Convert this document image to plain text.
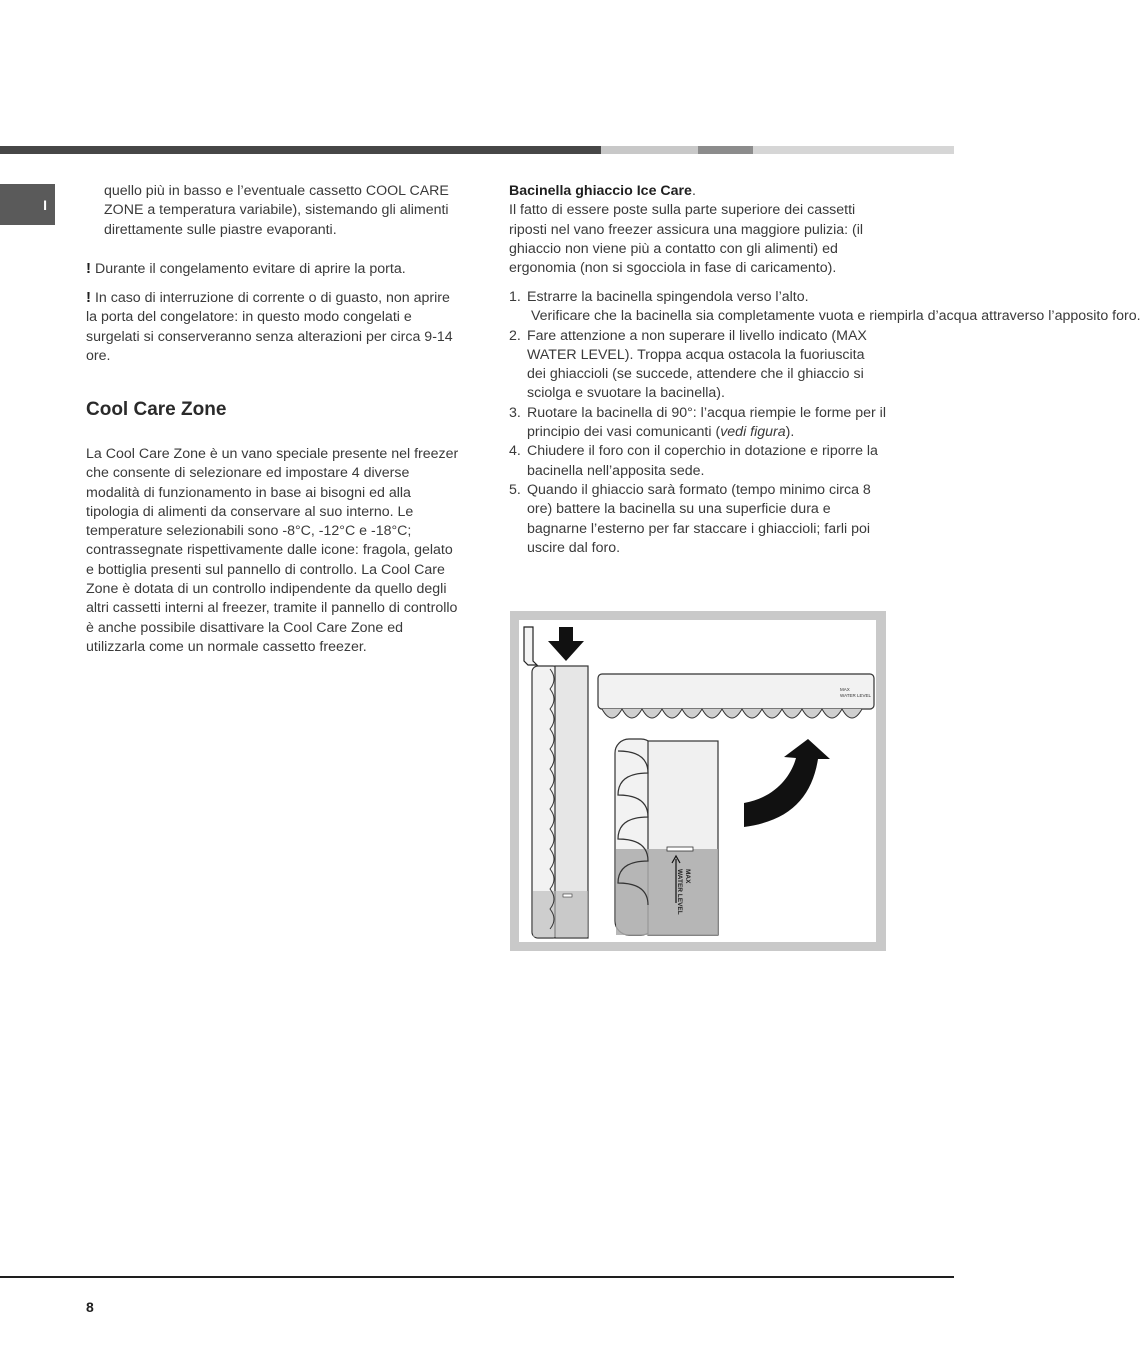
I

quello più in basso e l’eventuale cassetto COOL CARE ZONE a temperatura variabile), sistemando gli alimenti direttamente sulle piastre evaporanti.

! Durante il congelamento evitare di aprire la porta.

! In caso di interruzione di corrente o di guasto, non aprire la porta del congelatore: in questo modo congelati e surgelati si conserveranno senza alterazioni per circa 9-14 ore.

Cool Care Zone

La Cool Care Zone è un vano speciale presente nel freezer che consente di selezionare ed impostare 4 diverse modalità di funzionamento in base ai bisogni ed alla tipologia di alimenti da conservare al suo interno. Le temperature selezionabili sono -8°C, -12°C e -18°C; contrassegnate rispettivamente dalle icone: fragola, gelato e bottiglia presenti sul pannello di controllo. La Cool Care Zone è dotata di un controllo indipendente da quello degli altri cassetti interni al freezer, tramite il pannello di controllo è anche possibile disattivare la Cool Care Zone ed utilizzarla come un normale cassetto freezer.

Bacinella ghiaccio Ice Care.
Il fatto di essere poste sulla parte superiore dei cassetti riposti nel vano freezer assicura una maggiore pulizia: (il ghiaccio non viene più a contatto con gli alimenti) ed ergonomia (non si sgocciola in fase di caricamento).

1. Estrarre la bacinella spingendola verso l’alto.
Verificare che la bacinella sia completamente vuota e riempirla d’acqua attraverso l’apposito foro.
2. Fare attenzione a non superare il livello indicato (MAX WATER LEVEL). Troppa acqua ostacola la fuoriuscita dei ghiaccioli (se succede, attendere che il ghiaccio si sciolga e svuotare la bacinella).
3. Ruotare la bacinella di 90°: l’acqua riempie le forme per il principio dei vasi comunicanti (vedi figura).
4. Chiudere il foro con il coperchio in dotazione e riporre la bacinella nell’apposita sede.
5. Quando il ghiaccio sarà formato (tempo minimo circa 8 ore) battere la bacinella su una superficie dura e bagnarne l’esterno per far staccare i ghiaccioli; farli poi uscire dal foro.
MAX
WATER LEVEL
MAX
WATER LEVEL
8
